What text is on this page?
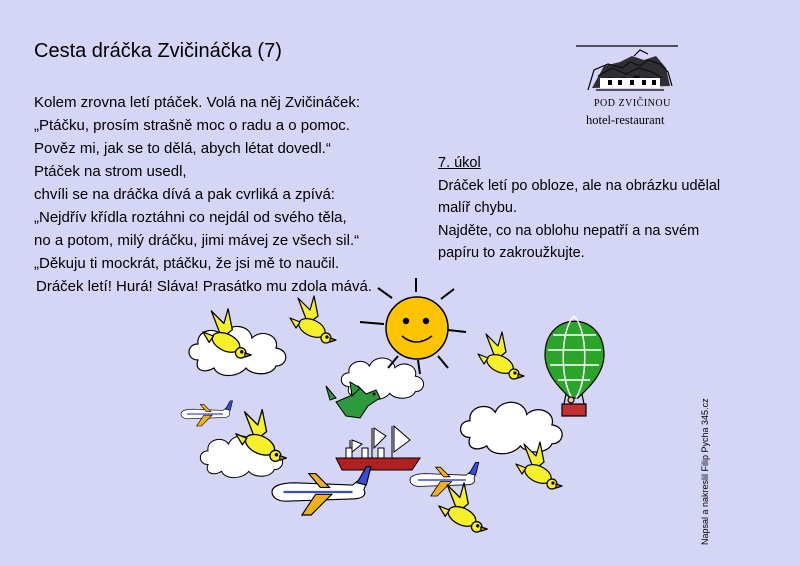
Cesta dráčka Zvičináčka (7)
Kolem zrovna letí ptáček. Volá na něj Zvičináček:
„Ptáčku, prosím strašně moc o radu a o pomoc.
Pověz mi, jak se to dělá, abych létat dovedl.“
Ptáček na strom usedl,
chvíli se na dráčka dívá a pak cvrliká a zpívá:
„Nejdřív křídla roztáhni co nejdál od svého těla,
no a potom, milý dráčku, jimi mávej ze všech sil.“
„Děkuju ti mockrát, ptáčku, že jsi mě to naučil.
Dráček letí! Hurá! Sláva! Prasátko mu zdola mává.
7. úkol
Dráček letí po obloze, ale na obrázku udělal
malíř chybu.
Najděte, co na oblohu nepatří a na svém
papíru to zakroužkujte.
POD ZVIČINOU
hotel-restaurant
Napsal a nakreslil Filip Pycha 345.cz
